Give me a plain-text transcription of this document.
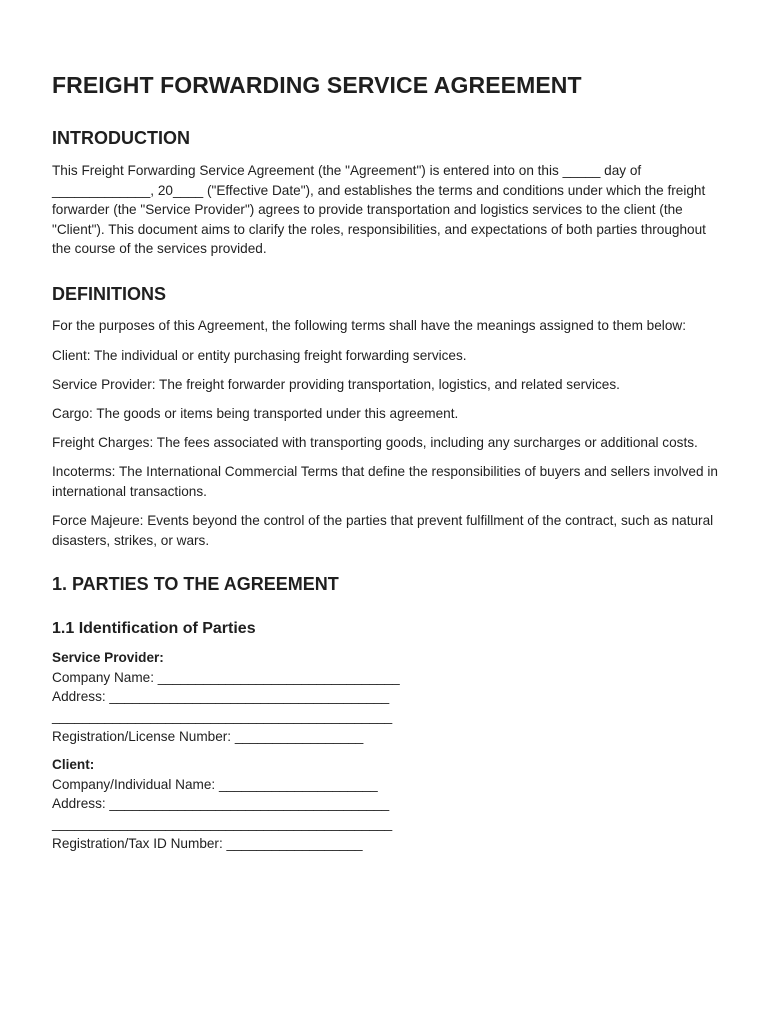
FREIGHT FORWARDING SERVICE AGREEMENT
INTRODUCTION

This Freight Forwarding Service Agreement (the "Agreement") is entered into on this _____ day of _____________, 20____ ("Effective Date"), and establishes the terms and conditions under which the freight forwarder (the "Service Provider") agrees to provide transportation and logistics services to the client (the "Client"). This document aims to clarify the roles, responsibilities, and expectations of both parties throughout the course of the services provided.

DEFINITIONS

For the purposes of this Agreement, the following terms shall have the meanings assigned to them below:

Client: The individual or entity purchasing freight forwarding services.

Service Provider: The freight forwarder providing transportation, logistics, and related services.

Cargo: The goods or items being transported under this agreement.

Freight Charges: The fees associated with transporting goods, including any surcharges or additional costs.

Incoterms: The International Commercial Terms that define the responsibilities of buyers and sellers involved in international transactions.

Force Majeure: Events beyond the control of the parties that prevent fulfillment of the contract, such as natural disasters, strikes, or wars.

1. PARTIES TO THE AGREEMENT
1.1 Identification of Parties
Service Provider:
Company Name: ________________________________
Address: _____________________________________
_____________________________________________
Registration/License Number: _________________
Client:
Company/Individual Name: _____________________
Address: _____________________________________
_____________________________________________
Registration/Tax ID Number: __________________
